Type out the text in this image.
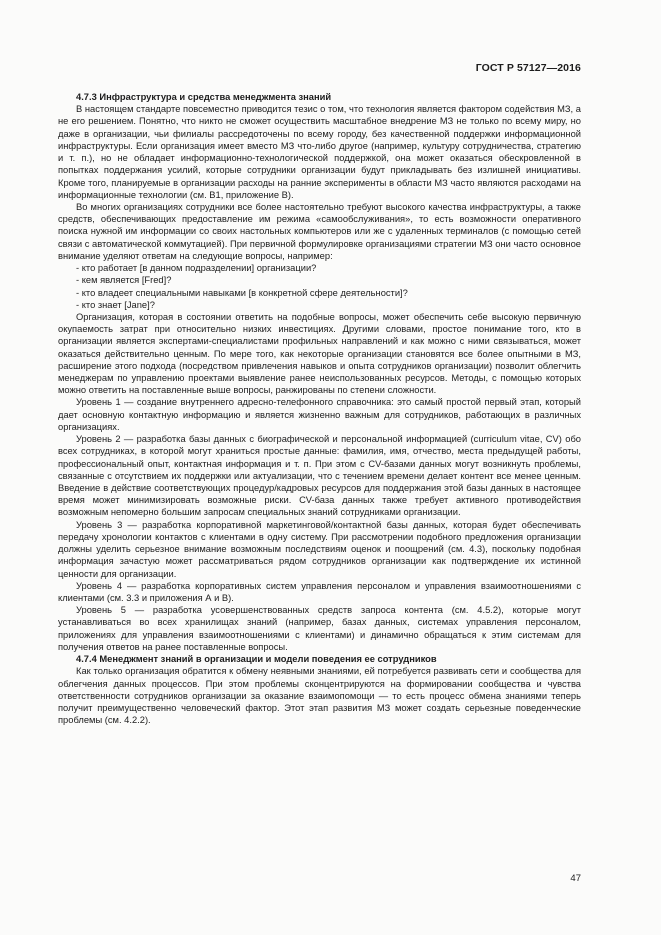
ГОСТ Р 57127—2016

4.7.3 Инфраструктура и средства менеджмента знаний

В настоящем стандарте повсеместно приводится тезис о том, что технология является фактором содействия МЗ, а не его решением. Понятно, что никто не сможет осуществить масштабное внедрение МЗ не только по всему миру, но даже в организации, чьи филиалы рассредоточены по всему городу, без качественной поддержки информационной инфраструктуры. Если организация имеет вместо МЗ что-либо другое (например, культуру сотрудничества, стратегию и т. п.), но не обладает информационно-технологической поддержкой, она может оказаться обескровленной в попытках поддержания усилий, которые сотрудники организации будут прикладывать без излишней инициативы. Кроме того, планируемые в организации расходы на ранние эксперименты в области МЗ часто являются расходами на информационные технологии (см. В1, приложение В).

Во многих организациях сотрудники все более настоятельно требуют высокого качества инфраструктуры, а также средств, обеспечивающих предоставление им режима «самообслуживания», то есть возможности оперативного поиска нужной им информации со своих настольных компьютеров или же с удаленных терминалов (с помощью сетей связи с автоматической коммутацией). При первичной формулировке организациями стратегии МЗ они часто основное внимание уделяют ответам на следующие вопросы, например:

- кто работает [в данном подразделении] организации?
- кем является [Fred]?
- кто владеет специальными навыками [в конкретной сфере деятельности]?
- кто знает [Jane]?

Организация, которая в состоянии ответить на подобные вопросы, может обеспечить себе высокую первичную окупаемость затрат при относительно низких инвестициях. Другими словами, простое понимание того, кто в организации является экспертами-специалистами профильных направлений и как можно с ними связываться, может оказаться действительно ценным. По мере того, как некоторые организации становятся все более опытными в МЗ, расширение этого подхода (посредством привлечения навыков и опыта сотрудников организации) позволит облегчить менеджерам по управлению проектами выявление ранее неиспользованных ресурсов. Методы, с помощью которых можно ответить на поставленные выше вопросы, ранжированы по степени сложности.

Уровень 1 — создание внутреннего адресно-телефонного справочника: это самый простой первый этап, который дает основную контактную информацию и является жизненно важным для сотрудников, работающих в различных организациях.

Уровень 2 — разработка базы данных с биографической и персональной информацией (curriculum vitae, CV) обо всех сотрудниках, в которой могут храниться простые данные: фамилия, имя, отчество, места предыдущей работы, профессиональный опыт, контактная информация и т. п. При этом с CV-базами данных могут возникнуть проблемы, связанные с отсутствием их поддержки или актуализации, что с течением времени делает контент все менее ценным. Введение в действие соответствующих процедур/кадровых ресурсов для поддержания этой базы данных в настоящее время может минимизировать возможные риски. CV-база данных также требует активного противодействия возможным непомерно большим запросам специальных знаний сотрудниками организации.

Уровень 3 — разработка корпоративной маркетинговой/контактной базы данных, которая будет обеспечивать передачу хронологии контактов с клиентами в одну систему. При рассмотрении подобного предложения организации должны уделить серьезное внимание возможным последствиям оценок и поощрений (см. 4.3), поскольку подобная информация зачастую может рассматриваться рядом сотрудников организации как подтверждение их истинной ценности для организации.

Уровень 4 — разработка корпоративных систем управления персоналом и управления взаимоотношениями с клиентами (см. 3.3 и приложения А и В).

Уровень 5 — разработка усовершенствованных средств запроса контента (см. 4.5.2), которые могут устанавливаться во всех хранилищах знаний (например, базах данных, системах управления персоналом, приложениях для управления взаимоотношениями с клиентами) и динамично обращаться к этим системам для получения ответов на ранее поставленные вопросы.

4.7.4 Менеджмент знаний в организации и модели поведения ее сотрудников

Как только организация обратится к обмену неявными знаниями, ей потребуется развивать сети и сообщества для облегчения данных процессов. При этом проблемы сконцентрируются на формировании сообщества и чувства ответственности сотрудников организации за оказание взаимопомощи — то есть процесс обмена знаниями теперь получит преимущественно человеческий фактор. Этот этап развития МЗ может создать серьезные поведенческие проблемы (см. 4.2.2).

47
